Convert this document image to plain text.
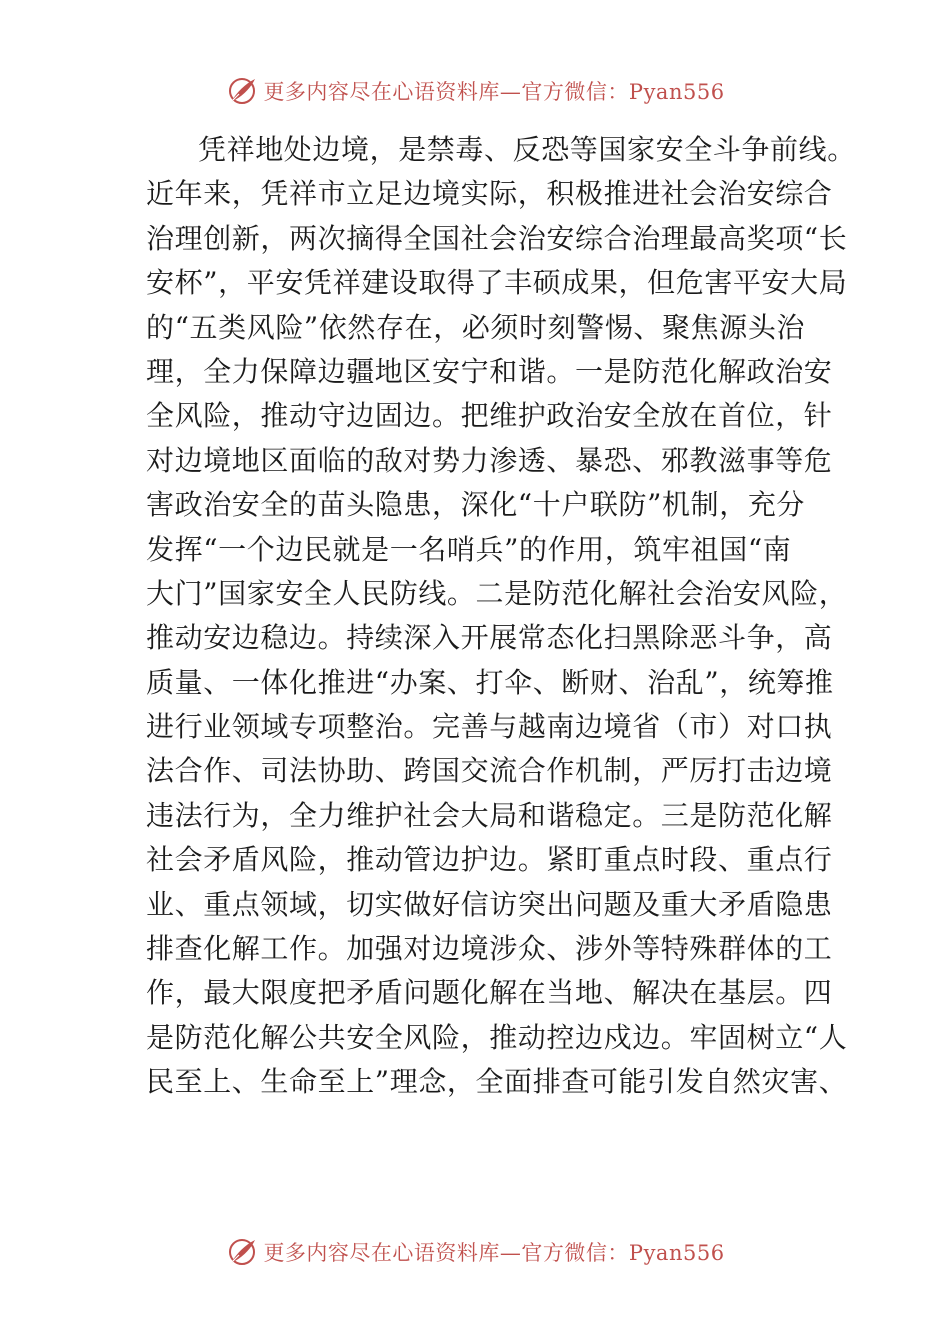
更多内容尽在心语资料库—官方微信：Pyan556
凭祥地处边境，是禁毒、反恐等国家安全斗争前线。
近年来，凭祥市立足边境实际，积极推进社会治安综合
治理创新，两次摘得全国社会治安综合治理最高奖项“长
安杯”，平安凭祥建设取得了丰硕成果，但危害平安大局
的“五类风险”依然存在，必须时刻警惕、聚焦源头治
理，全力保障边疆地区安宁和谐。一是防范化解政治安
全风险，推动守边固边。把维护政治安全放在首位，针
对边境地区面临的敌对势力渗透、暴恐、邪教滋事等危
害政治安全的苗头隐患，深化“十户联防”机制，充分
发挥“一个边民就是一名哨兵”的作用，筑牢祖国“南
大门”国家安全人民防线。二是防范化解社会治安风险，
推动安边稳边。持续深入开展常态化扫黑除恶斗争，高
质量、一体化推进“办案、打伞、断财、治乱”，统筹推
进行业领域专项整治。完善与越南边境省（市）对口执
法合作、司法协助、跨国交流合作机制，严厉打击边境
违法行为，全力维护社会大局和谐稳定。三是防范化解
社会矛盾风险，推动管边护边。紧盯重点时段、重点行
业、重点领域，切实做好信访突出问题及重大矛盾隐患
排查化解工作。加强对边境涉众、涉外等特殊群体的工
作，最大限度把矛盾问题化解在当地、解决在基层。四
是防范化解公共安全风险，推动控边戍边。牢固树立“人
民至上、生命至上”理念，全面排查可能引发自然灾害、
更多内容尽在心语资料库—官方微信：Pyan556
